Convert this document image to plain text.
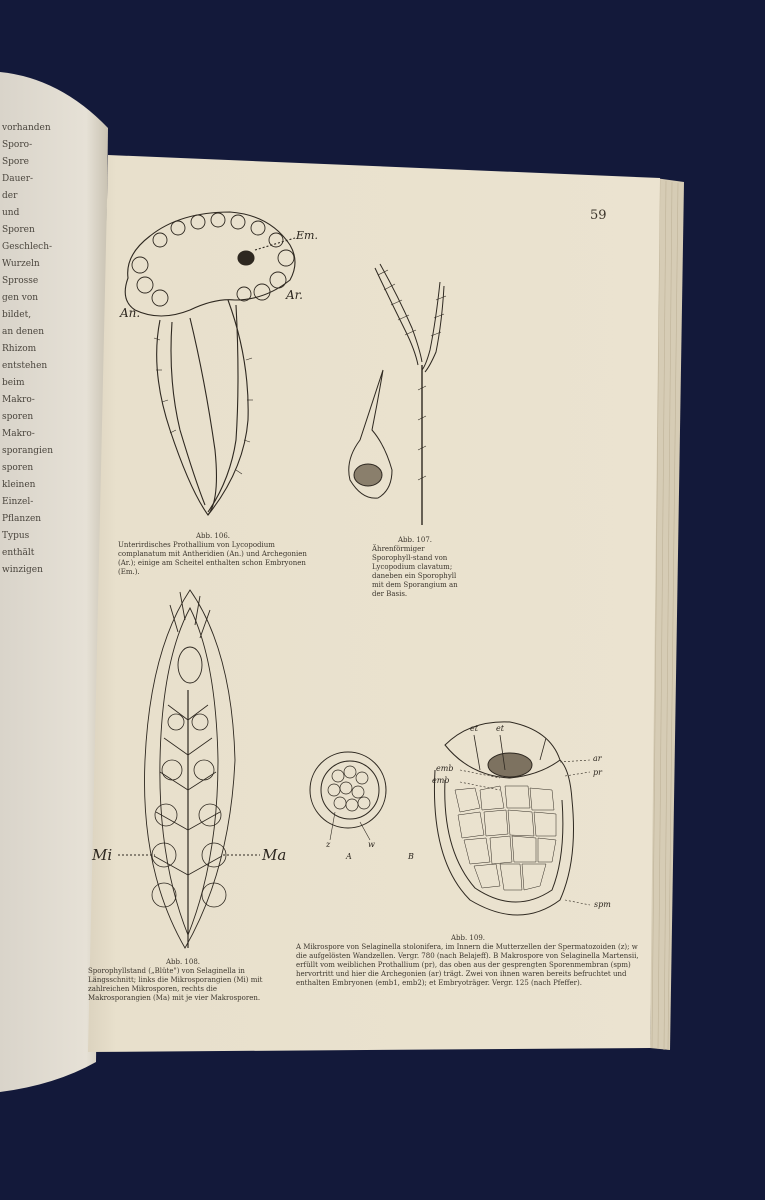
vorhanden
Sporo-
Spore
Dauer-
der
und
Sporen
Geschlech-
Wurzeln
Sprosse
gen von
bildet,
an denen
Rhizom
entstehen
beim
Makro-
sporen
Makro-
sporangien
sporen
kleinen
Einzel-
Pflanzen
Typus
enthält
winzigen
59
Em.
An.
Ar.
Mi	Ma
et et
ar
pr
emb
emb
spm
z	w
A	B
Abb. 106.
Unterirdisches Prothallium von Lycopodium complanatum mit Antheridien (An.) und Archegonien (Ar.); einige am Scheitel enthalten schon Embryonen (Em.).
Abb. 107.
Ährenförmiger Sporophyll-stand von Lycopodium clavatum; daneben ein Sporophyll mit dem Sporangium an der Basis.
Abb. 108.
Sporophyllstand („Blüte") von Selaginella in Längsschnitt; links die Mikrosporangien (Mi) mit zahlreichen Mikrosporen, rechts die Makrosporangien (Ma) mit je vier Makrosporen.
Abb. 109.
A Mikrospore von Selaginella stolonifera, im Innern die Mutterzellen der Spermatozoiden (z); w die aufgelösten Wandzellen. Vergr. 780 (nach Belajeff). B Makrospore von Selaginella Martensii, erfüllt vom weiblichen Prothallium (pr), das oben aus der gesprengten Sporenmembran (spm) hervortritt und hier die Archegonien (ar) trägt. Zwei von ihnen waren bereits befruchtet und enthalten Embryonen (emb1, emb2); et Embryoträger. Vergr. 125 (nach Pfeffer).
